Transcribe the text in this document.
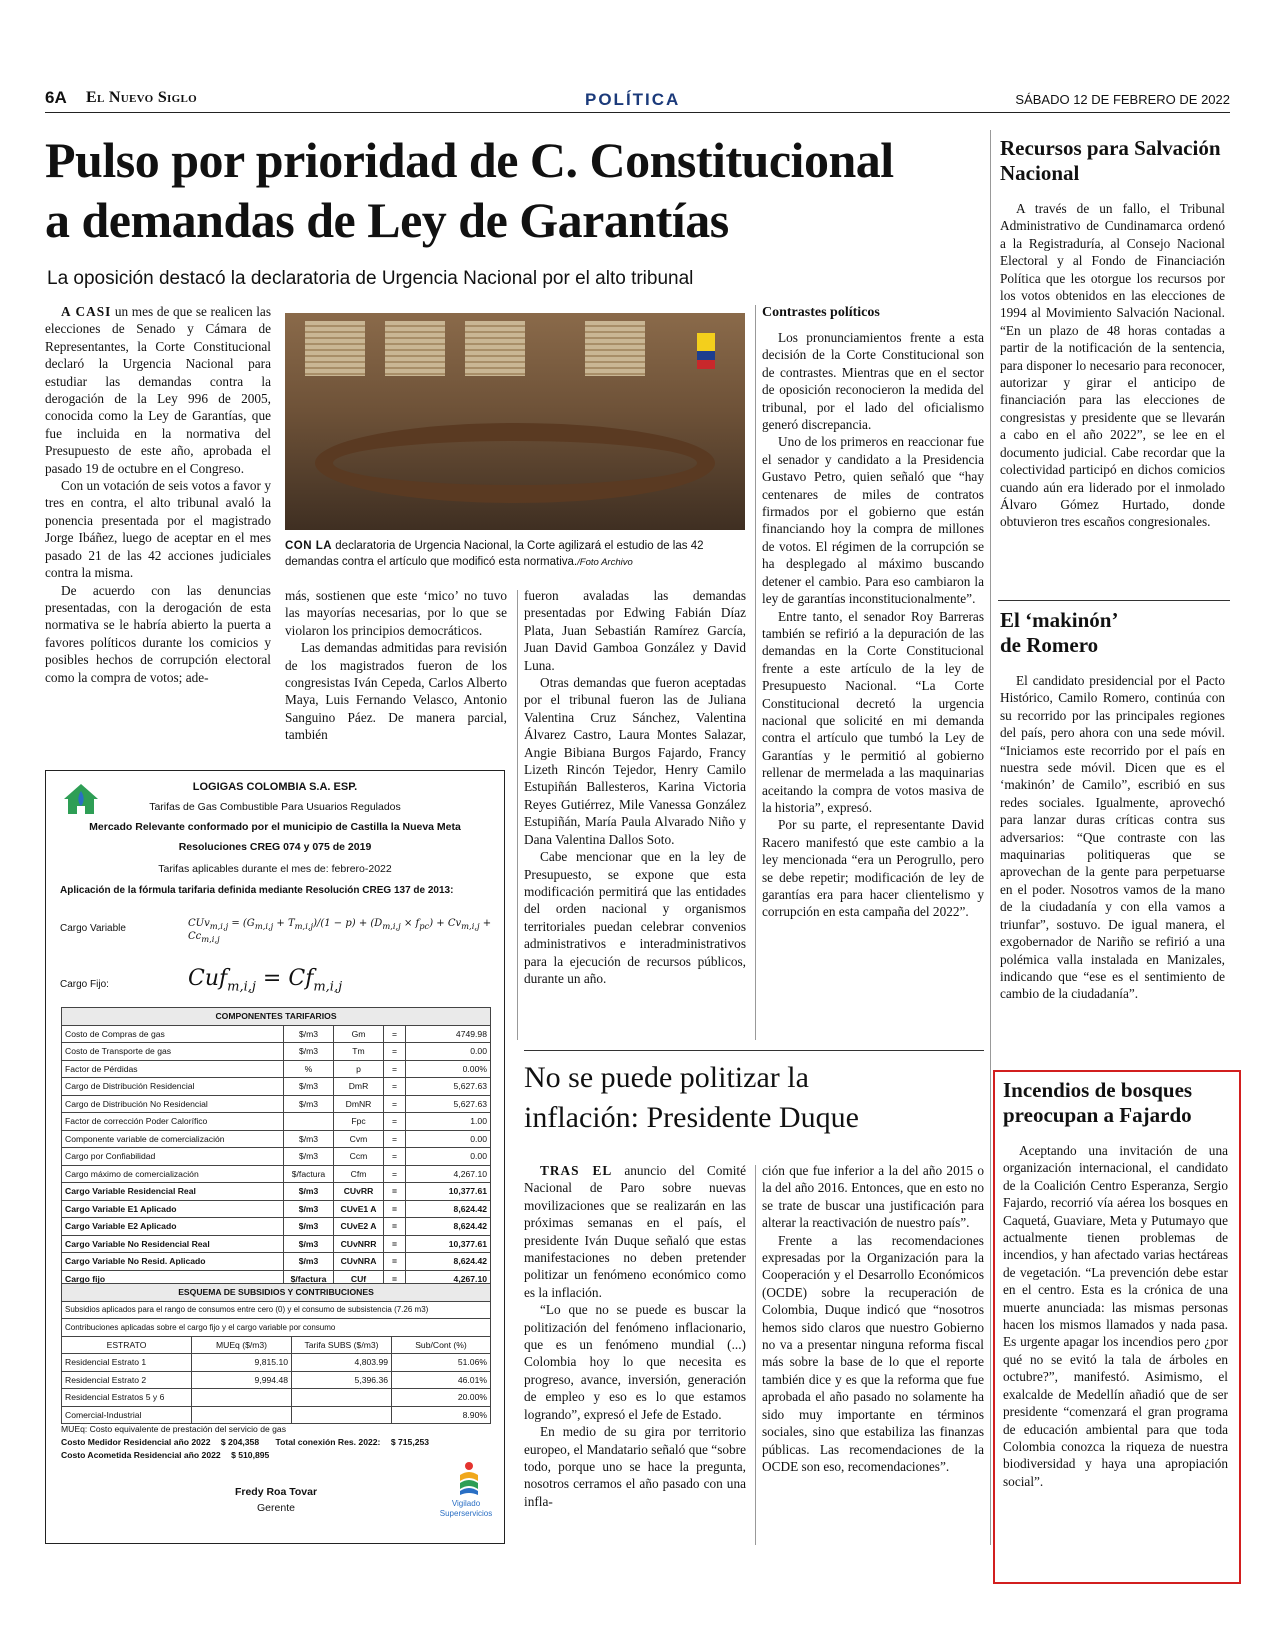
6A El Nuevo Siglo	POLÍTICA	SÁBADO 12 DE FEBRERO DE 2022
Pulso por prioridad de C. Constitucional
a demandas de Ley de Garantías
La oposición destacó la declaratoria de Urgencia Nacional por el alto tribunal

A CASI un mes de que se realicen las elecciones de Senado y Cámara de Representantes, la Corte Constitucional declaró la Urgencia Nacional para estudiar las demandas contra la derogación de la Ley 996 de 2005, conocida como la Ley de Garantías, que fue incluida en la normativa del Presupuesto de este año, aprobada el pasado 19 de octubre en el Congreso.

Con un votación de seis votos a favor y tres en contra, el alto tribunal avaló la ponencia presentada por el magistrado Jorge Ibáñez, luego de aceptar en el mes pasado 21 de las 42 acciones judiciales contra la misma.

De acuerdo con las denuncias presentadas, con la derogación de esta normativa se le habría abierto la puerta a favores políticos durante los comicios y posibles hechos de corrupción electoral como la compra de votos; ade-

CON LA declaratoria de Urgencia Nacional, la Corte agilizará el estudio de las 42 demandas contra el artículo que modificó esta normativa./Foto Archivo

más, sostienen que este ‘mico’ no tuvo las mayorías necesarias, por lo que se violaron los principios democráticos.

Las demandas admitidas para revisión de los magistrados fueron de los congresistas Iván Cepeda, Carlos Alberto Maya, Luis Fernando Velasco, Antonio Sanguino Páez. De manera parcial, también

fueron avaladas las demandas presentadas por Edwing Fabián Díaz Plata, Juan Sebastián Ramírez García, Juan David Gamboa González y David Luna.

Otras demandas que fueron aceptadas por el tribunal fueron las de Juliana Valentina Cruz Sánchez, Valentina Álvarez Castro, Laura Montes Salazar, Angie Bibiana Burgos Fajardo, Francy Lizeth Rincón Tejedor, Henry Camilo Estupiñán Ballesteros, Karina Victoria Reyes Gutiérrez, Mile Vanessa González Estupiñán, María Paula Alvarado Niño y Dana Valentina Dallos Soto.

Cabe mencionar que en la ley de Presupuesto, se expone que esta modificación permitirá que las entidades del orden nacional y organismos territoriales puedan celebrar convenios administrativos e interadministrativos para la ejecución de recursos públicos, durante un año.

Contrastes políticos

Los pronunciamientos frente a esta decisión de la Corte Constitucional son de contrastes. Mientras que en el sector de oposición reconocieron la medida del tribunal, por el lado del oficialismo generó discrepancia.

Uno de los primeros en reaccionar fue el senador y candidato a la Presidencia Gustavo Petro, quien señaló que “hay centenares de miles de contratos firmados por el gobierno que están financiando hoy la compra de millones de votos. El régimen de la corrupción se ha desplegado al máximo buscando detener el cambio. Para eso cambiaron la ley de garantías inconstitucionalmente”.

Entre tanto, el senador Roy Barreras también se refirió a la depuración de las demandas en la Corte Constitucional frente a este artículo de la ley de Presupuesto Nacional. “La Corte Constitucional decretó la urgencia nacional que solicité en mi demanda contra el artículo que tumbó la Ley de Garantías y le permitió al gobierno rellenar de mermelada a las maquinarias aceitando la compra de votos masiva de la historia”, expresó.

Por su parte, el representante David Racero manifestó que este cambio a la ley mencionada “era un Perogrullo, pero se debe repetir; modificación de ley de garantías era para hacer clientelismo y corrupción en esta campaña del 2022”.

No se puede politizar la
inflación: Presidente Duque

TRAS EL anuncio del Comité Nacional de Paro sobre nuevas movilizaciones que se realizarán en las próximas semanas en el país, el presidente Iván Duque señaló que estas manifestaciones no deben pretender politizar un fenómeno económico como es la inflación.

“Lo que no se puede es buscar la politización del fenómeno inflacionario, que es un fenómeno mundial (...) Colombia hoy lo que necesita es progreso, avance, inversión, generación de empleo y eso es lo que estamos logrando”, expresó el Jefe de Estado.

En medio de su gira por territorio europeo, el Mandatario señaló que “sobre todo, porque uno se hace la pregunta, nosotros cerramos el año pasado con una infla-

ción que fue inferior a la del año 2015 o la del año 2016. Entonces, que en esto no se trate de buscar una justificación para alterar la reactivación de nuestro país”.

Frente a las recomendaciones expresadas por la Organización para la Cooperación y el Desarrollo Económicos (OCDE) sobre la recuperación de Colombia, Duque indicó que “nosotros hemos sido claros que nuestro Gobierno no va a presentar ninguna reforma fiscal más sobre la base de lo que el reporte también dice y es que la reforma que fue aprobada el año pasado no solamente ha sido muy importante en términos sociales, sino que estabiliza las finanzas públicas. Las recomendaciones de la OCDE son eso, recomendaciones”.

Recursos para Salvación Nacional

A través de un fallo, el Tribunal Administrativo de Cundinamarca ordenó a la Registraduría, al Consejo Nacional Electoral y al Fondo de Financiación Política que les otorgue los recursos por los votos obtenidos en las elecciones de 1994 al Movimiento Salvación Nacional. “En un plazo de 48 horas contadas a partir de la notificación de la sentencia, para disponer lo necesario para reconocer, autorizar y girar el anticipo de financiación para las elecciones de congresistas y presidente que se llevarán a cabo en el año 2022”, se lee en el documento judicial. Cabe recordar que la colectividad participó en dichos comicios cuando aún era liderado por el inmolado Álvaro Gómez Hurtado, donde obtuvieron tres escaños congresionales.

El ‘makinón’
de Romero

El candidato presidencial por el Pacto Histórico, Camilo Romero, continúa con su recorrido por las principales regiones del país, pero ahora con una sede móvil. “Iniciamos este recorrido por el país en nuestra sede móvil. Dicen que es el ‘makinón’ de Camilo”, escribió en sus redes sociales. Igualmente, aprovechó para lanzar duras críticas contra sus adversarios: “Que contraste con las maquinarias politiqueras que se aprovechan de la gente para perpetuarse en el poder. Nosotros vamos de la mano de la ciudadanía y con ella vamos a triunfar”, sostuvo. De igual manera, el exgobernador de Nariño se refirió a una polémica valla instalada en Manizales, indicando que “ese es el sentimiento de cambio de la ciudadanía”.

Incendios de bosques preocupan a Fajardo

Aceptando una invitación de una organización internacional, el candidato de la Coalición Centro Esperanza, Sergio Fajardo, recorrió vía aérea los bosques en Caquetá, Guaviare, Meta y Putumayo que actualmente tienen problemas de incendios, y han afectado varias hectáreas de vegetación. “La prevención debe estar en el centro. Esta es la crónica de una muerte anunciada: las mismas personas hacen los mismos llamados y nada pasa. Es urgente apagar los incendios pero ¿por qué no se evitó la tala de árboles en octubre?”, manifestó. Asimismo, el exalcalde de Medellín añadió que de ser presidente “comenzará el gran programa de educación ambiental para que toda Colombia conozca la riqueza de nuestra biodiversidad y haya una apropiación social”.

LOGIGAS COLOMBIA S.A. ESP.
Tarifas de Gas Combustible Para Usuarios Regulados
Mercado Relevante conformado por el municipio de Castilla la Nueva Meta
Resoluciones CREG 074 y 075 de 2019
Tarifas aplicables durante el mes de: febrero-2022
Aplicación de la fórmula tarifaria definida mediante Resolución CREG 137 de 2013:
Cargo Variable	$CUv_{m,i,j} = (G_{m,i,j} + T_{m,i,j})/(1 - p) + (D_{m,i,j} \times f_{pc}) + Cv_{m,i,j} + Cc_{m,i,j}$
Cargo Fijo:	$Cuf_{m,i,j} = Cf_{m,i,j}$
COMPONENTES TARIFARIOS				
Costo de Compras de gas	$/m3	Gm	=	4749.98
Costo de Transporte de gas	$/m3	Tm	=	0.00
Factor de Pérdidas	%	p	=	0.00%
Cargo de Distribución Residencial	$/m3	DmR	=	5,627.63
Cargo de Distribución No Residencial	$/m3	DmNR	=	5,627.63
Factor de corrección Poder Calorífico		Fpc	=	1.00
Componente variable de comercialización	$/m3	Cvm	=	0.00
Cargo por Confiabilidad	$/m3	Ccm	=	0.00
Cargo máximo de comercialización	$/factura	Cfm	=	4,267.10
Cargo Variable Residencial Real	$/m3	CUvRR	=	10,377.61
Cargo Variable E1 Aplicado	$/m3	CUvE1 A	=	8,624.42
Cargo Variable E2 Aplicado	$/m3	CUvE2 A	=	8,624.42
Cargo Variable No Residencial Real	$/m3	CUvNRR	=	10,377.61
Cargo Variable No Resid. Aplicado	$/m3	CUvNRA	=	8,624.42
Cargo fijo	$/factura	CUf	=	4,267.10
ESQUEMA DE SUBSIDIOS Y CONTRIBUCIONES			
Subsidios aplicados para el rango de consumos entre cero (0) y el consumo de subsistencia (7.26 m3)			
Contribuciones aplicadas sobre el cargo fijo y el cargo variable por consumo			
ESTRATO	MUEq ($/m3)	Tarifa SUBS ($/m3)	Sub/Cont (%)
Residencial Estrato 1	9,815.10	4,803.99	51.06%
Residencial Estrato 2	9,994.48	5,396.36	46.01%
Residencial Estratos 5 y 6			20.00%
Comercial-Industrial			8.90%
MUEq: Costo equivalente de prestación del servicio de gas
Costo Medidor Residencial año 2022 $ 204,358 Total conexión Res. 2022: $ 715,253
Costo Acometida Residencial año 2022 $ 510,895
Fredy Roa Tovar
Gerente	Vigilado
Superservicios
